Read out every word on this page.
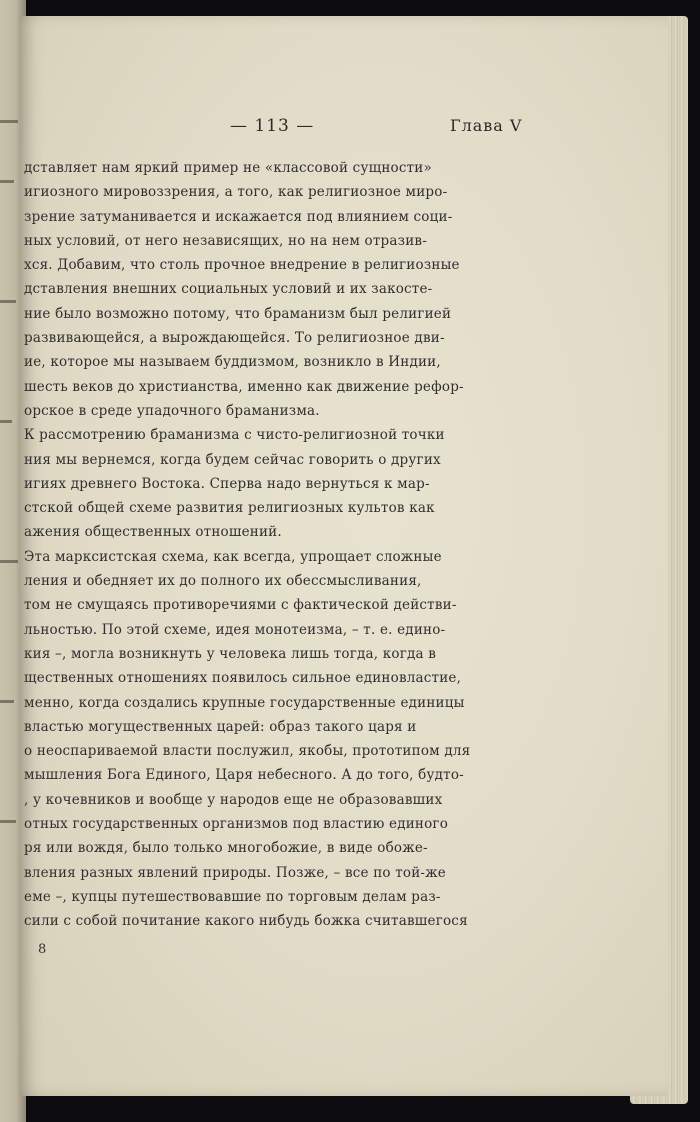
— 113 —	Глава V
дставляет нам яркий пример не «классовой сущности»
игиозного мировоззрения, а того, как религиозное миро-
зрение затуманивается и искажается под влиянием соци-
ных условий, от него независящих, но на нем отразив-
хся. Добавим, что столь прочное внедрение в религиозные
дставления внешних социальных условий и их закосте-
ние было возможно потому, что браманизм был религией
развивающейся, а вырождающейся. То религиозное дви-
ие, которое мы называем буддизмом, возникло в Индии,
шесть веков до христианства, именно как движение рефор-
орское в среде упадочного браманизма.
К рассмотрению браманизма с чисто-религиозной точки
ния мы вернемся, когда будем сейчас говорить о других
игиях древнего Востока. Сперва надо вернуться к мар-
стской общей схеме развития религиозных культов как
ажения общественных отношений.
Эта марксистская схема, как всегда, упрощает сложные
ления и обедняет их до полного их обессмысливания,
том не смущаясь противоречиями с фактической действи-
льностью. По этой схеме, идея монотеизма, – т. е. едино-
кия –, могла возникнуть у человека лишь тогда, когда в
щественных отношениях появилось сильное единовластие,
менно, когда создались крупные государственные единицы
властью могущественных царей: образ такого царя и
о неоспариваемой власти послужил, якобы, прототипом для
мышления Бога Единого, Царя небесного. А до того, будто-
, у кочевников и вообще у народов еще не образовавших
отных государственных организмов под властию единого
ря или вождя, было только многобожие, в виде обоже-
вления разных явлений природы. Позже, – все по той-же
еме –, купцы путешествовавшие по торговым делам раз-
сили с собой почитание какого нибудь божка считавшегося
8
